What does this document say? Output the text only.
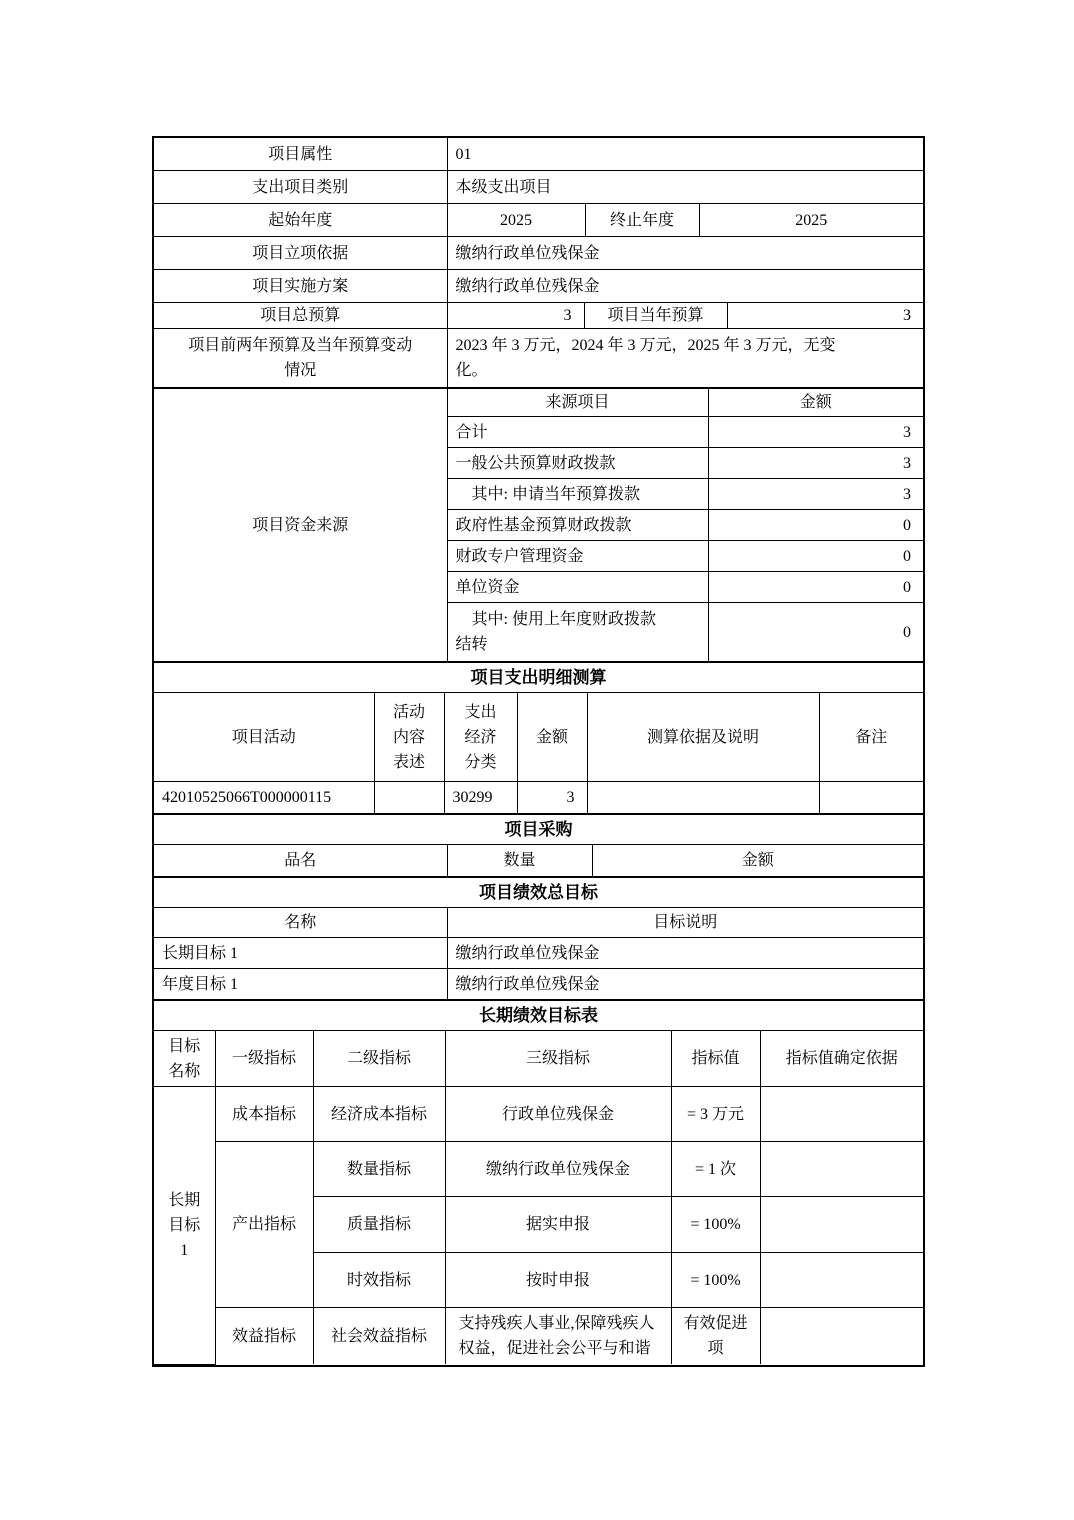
项目属性	01
支出项目类别	本级支出项目
起始年度	2025	终止年度	2025
项目立项依据	缴纳行政单位残保金
项目实施方案	缴纳行政单位残保金
项目总预算	3	项目当年预算	3
项目前两年预算及当年预算变动情况	2023 年 3 万元，2024 年 3 万元，2025 年 3 万元，无变化。
项目资金来源	来源项目	金额
	合计	3
	一般公共预算财政拨款	3
	其中: 申请当年预算拨款	3
	政府性基金预算财政拨款	0
	财政专户管理资金	0
	单位资金	0
	其中: 使用上年度财政拨款结转	0
项目支出明细测算
项目活动	活动内容表述	支出经济分类	金额	测算依据及说明	备注
42010525066T000000115		30299	3		
项目采购
品名	数量	金额
项目绩效总目标	
名称	目标说明
长期目标 1	缴纳行政单位残保金
年度目标 1	缴纳行政单位残保金
长期绩效目标表					
目标名称	一级指标	二级指标	三级指标	指标值	指标值确定依据
长期目标1	成本指标	经济成本指标	行政单位残保金	= 3 万元	
	产出指标	数量指标	缴纳行政单位残保金	= 1 次	
		质量指标	据实申报	= 100%	
		时效指标	按时申报	= 100%	
	效益指标	社会效益指标	支持残疾人事业,保障残疾人权益，促进社会公平与和谐	有效促进项	
